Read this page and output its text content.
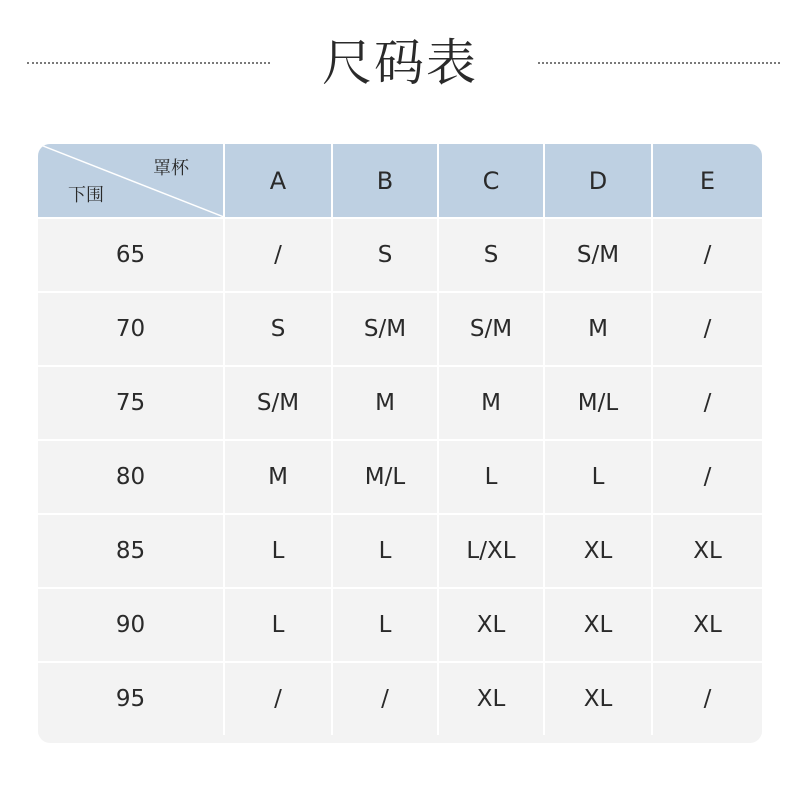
尺码表
罩杯
下围	A	B	C	D	E
65	/	S	S	S/M	/
70	S	S/M	S/M	M	/
75	S/M	M	M	M/L	/
80	M	M/L	L	L	/
85	L	L	L/XL	XL	XL
90	L	L	XL	XL	XL
95	/	/	XL	XL	/
